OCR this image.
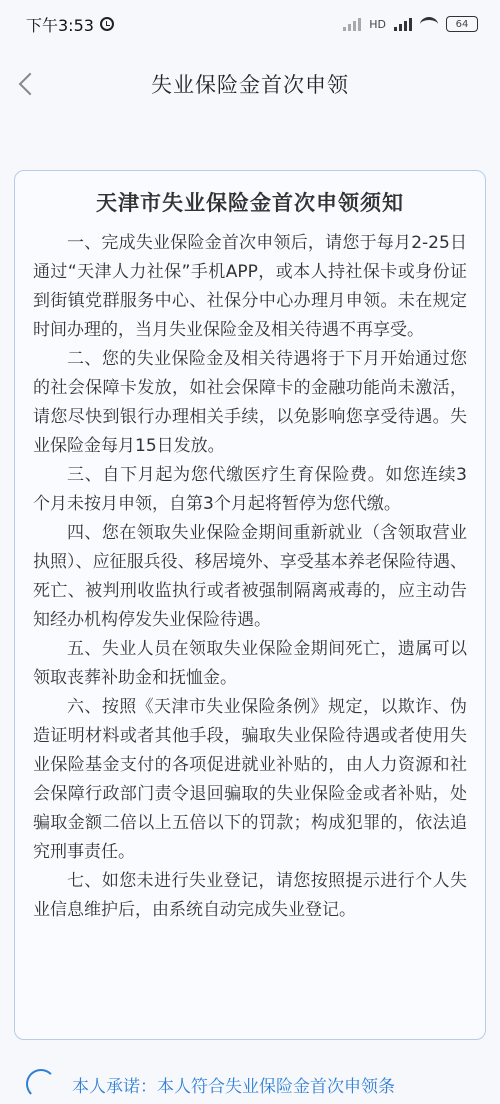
下午3:53	HD	64
失业保险金首次申领
天津市失业保险金首次申领须知

一、完成失业保险金首次申领后，请您于每月2-25日通过“天津人力社保”手机APP，或本人持社保卡或身份证到街镇党群服务中心、社保分中心办理月申领。未在规定时间办理的，当月失业保险金及相关待遇不再享受。

二、您的失业保险金及相关待遇将于下月开始通过您的社会保障卡发放，如社会保障卡的金融功能尚未激活，请您尽快到银行办理相关手续，以免影响您享受待遇。失业保险金每月15日发放。

三、自下月起为您代缴医疗生育保险费。如您连续3个月未按月申领，自第3个月起将暂停为您代缴。

四、您在领取失业保险金期间重新就业（含领取营业执照）、应征服兵役、移居境外、享受基本养老保险待遇、死亡、被判刑收监执行或者被强制隔离戒毒的，应主动告知经办机构停发失业保险待遇。

五、失业人员在领取失业保险金期间死亡，遗属可以领取丧葬补助金和抚恤金。

六、按照《天津市失业保险条例》规定，以欺诈、伪造证明材料或者其他手段，骗取失业保险待遇或者使用失业保险基金支付的各项促进就业补贴的，由人力资源和社会保障行政部门责令退回骗取的失业保险金或者补贴，处骗取金额二倍以上五倍以下的罚款；构成犯罪的，依法追究刑事责任。

七、如您未进行失业登记，请您按照提示进行个人失业信息维护后，由系统自动完成失业登记。

本人承诺：本人符合失业保险金首次申领条
